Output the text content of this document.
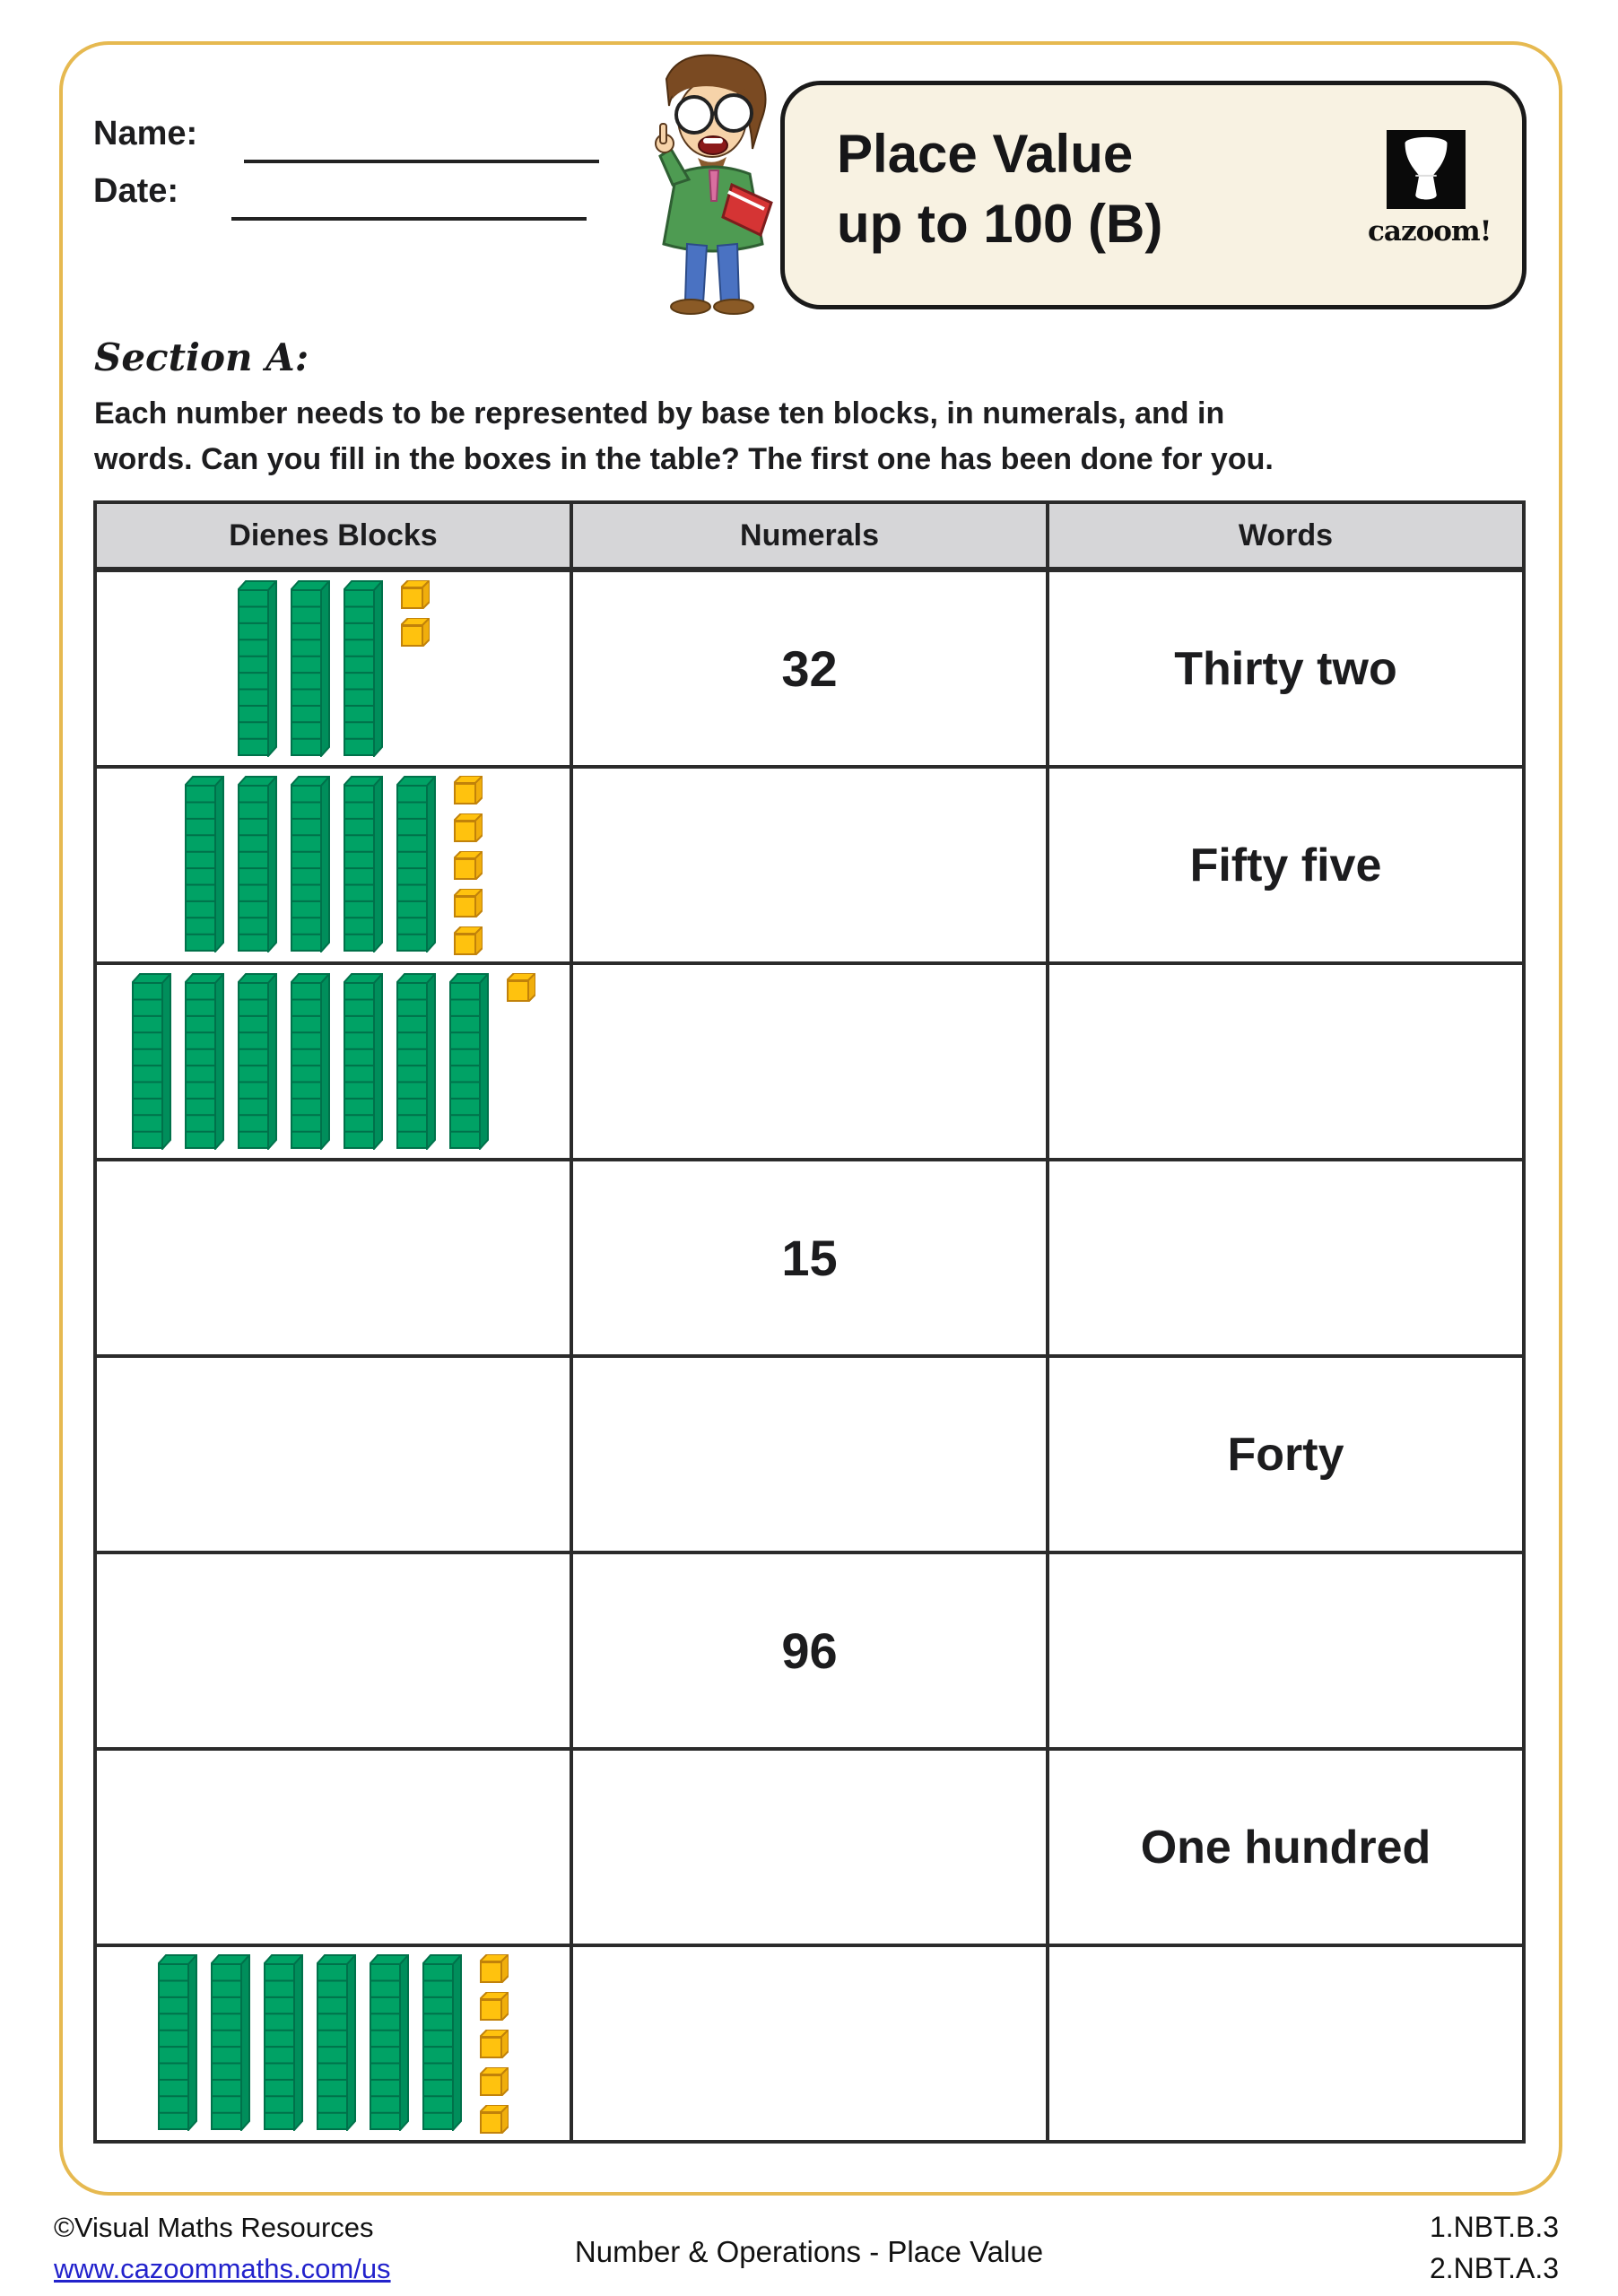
Name:
Date:
Place Value
up to 100 (B)	cazoom!
Section A:
Each number needs to be represented by base ten blocks, in numerals, and in
words. Can you fill in the boxes in the table? The first one has been done for you.
Dienes Blocks	Numerals	Words

	32	Thirty two

		Fifty five

	15	
		Forty
	96	
		One hundred

©Visual Maths Resources
www.cazoommaths.com/us
Number & Operations - Place Value
1.NBT.B.3
2.NBT.A.3
